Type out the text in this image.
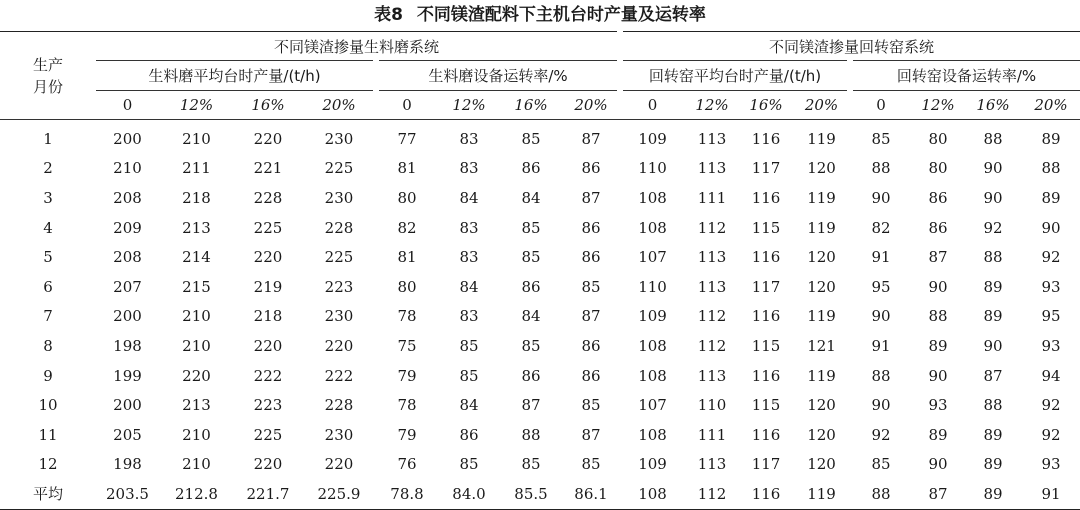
表8 不同镁渣配料下主机台时产量及运转率
生产
月份	不同镁渣掺量生料磨系统								不同镁渣掺量回转窑系统							
	生料磨平均台时产量/(t/h)				生料磨设备运转率/%				回转窑平均台时产量/(t/h)				回转窑设备运转率/%			
	0	12%	16%	20%	0	12%	16%	20%	0	12%	16%	20%	0	12%	16%	20%
1	200	210	220	230	77	83	85	87	109	113	116	119	85	80	88	89
2	210	211	221	225	81	83	86	86	110	113	117	120	88	80	90	88
3	208	218	228	230	80	84	84	87	108	111	116	119	90	86	90	89
4	209	213	225	228	82	83	85	86	108	112	115	119	82	86	92	90
5	208	214	220	225	81	83	85	86	107	113	116	120	91	87	88	92
6	207	215	219	223	80	84	86	85	110	113	117	120	95	90	89	93
7	200	210	218	230	78	83	84	87	109	112	116	119	90	88	89	95
8	198	210	220	220	75	85	85	86	108	112	115	121	91	89	90	93
9	199	220	222	222	79	85	86	86	108	113	116	119	88	90	87	94
10	200	213	223	228	78	84	87	85	107	110	115	120	90	93	88	92
11	205	210	225	230	79	86	88	87	108	111	116	120	92	89	89	92
12	198	210	220	220	76	85	85	85	109	113	117	120	85	90	89	93
平均	203.5	212.8	221.7	225.9	78.8	84.0	85.5	86.1	108	112	116	119	88	87	89	91
